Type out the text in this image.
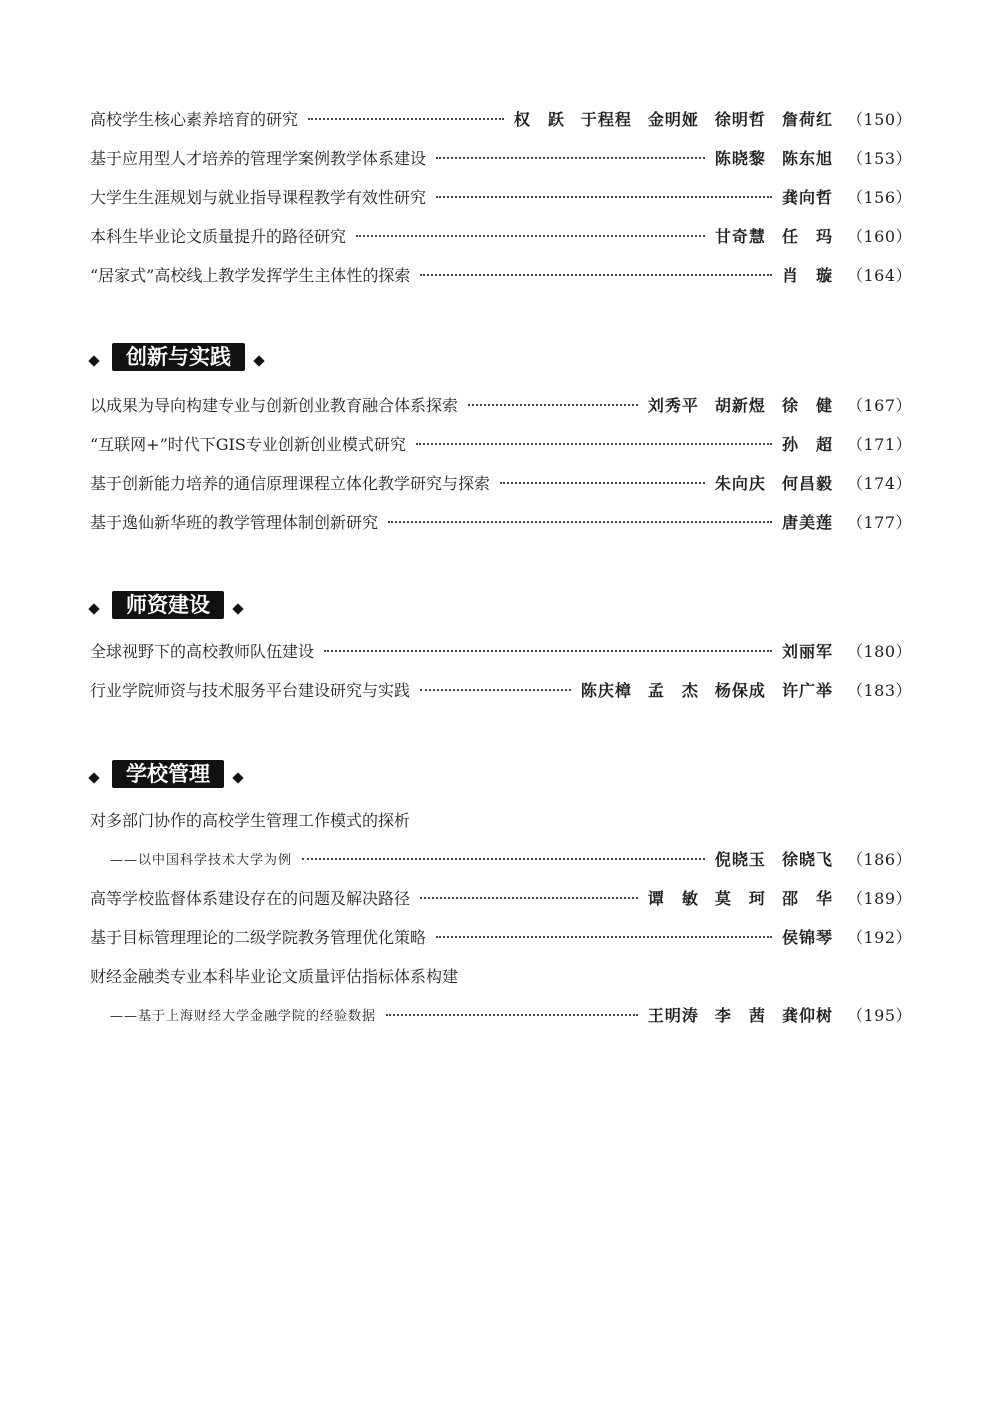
高校学生核心素养培育的研究	权　跃 于程程 金明娅 徐明哲 詹荷红 （150）
基于应用型人才培养的管理学案例教学体系建设	陈晓黎 陈东旭 （153）
大学生生涯规划与就业指导课程教学有效性研究	龚向哲 （156）
本科生毕业论文质量提升的路径研究	甘奇慧 任　玛 （160）
“居家式”高校线上教学发挥学生主体性的探索	肖　璇 （164）
以成果为导向构建专业与创新创业教育融合体系探索	刘秀平 胡新煜 徐　健 （167）
“互联网+”时代下GIS专业创新创业模式研究	孙　超 （171）
基于创新能力培养的通信原理课程立体化教学研究与探索	朱向庆 何昌毅 （174）
基于逸仙新华班的教学管理体制创新研究	唐美莲 （177）
全球视野下的高校教师队伍建设	刘丽军 （180）
行业学院师资与技术服务平台建设研究与实践	陈庆樟 孟　杰 杨保成 许广举 （183）
对多部门协作的高校学生管理工作模式的探析
——以中国科学技术大学为例	倪晓玉 徐晓飞 （186）
高等学校监督体系建设存在的问题及解决路径	谭　敏 莫　珂 邵　华 （189）
基于目标管理理论的二级学院教务管理优化策略	侯锦琴 （192）
财经金融类专业本科毕业论文质量评估指标体系构建
——基于上海财经大学金融学院的经验数据	王明涛 李　茜 龚仰树 （195）
创新与实践
师资建设
学校管理
